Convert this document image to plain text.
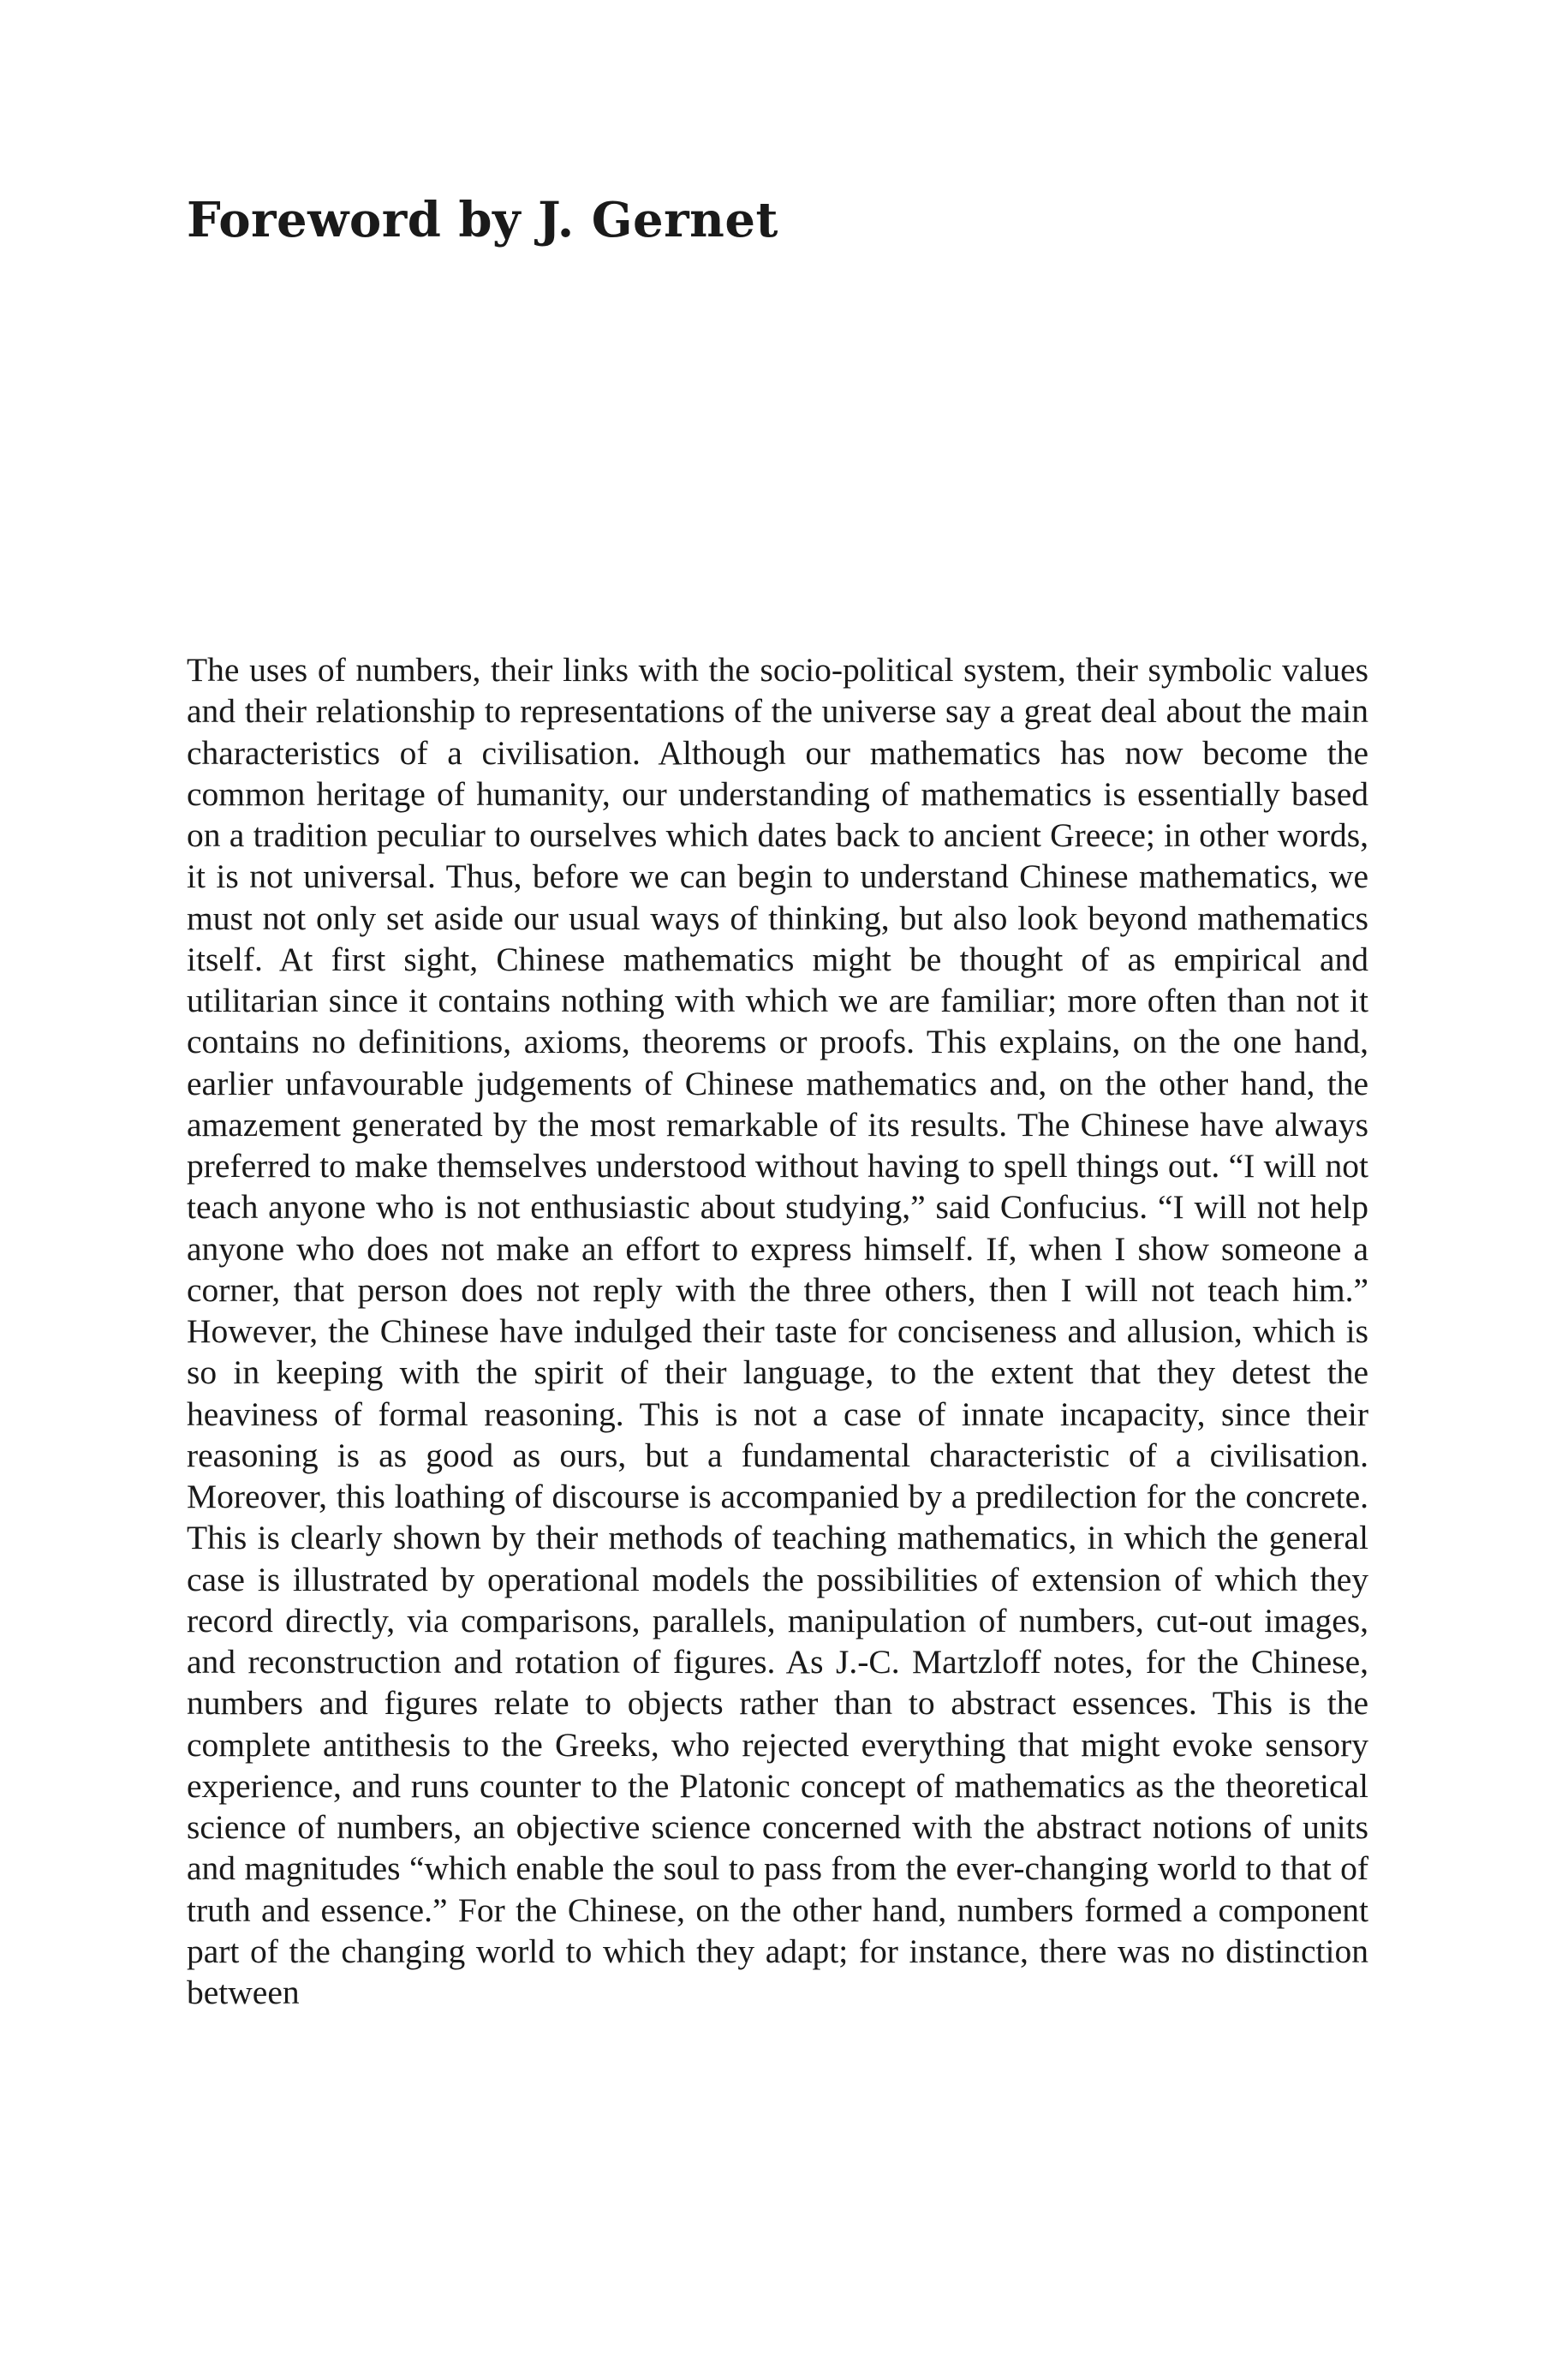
Foreword by J. Gernet

The uses of numbers, their links with the socio-political system, their symbolic values and their relationship to representations of the universe say a great deal about the main characteristics of a civilisation. Although our mathematics has now become the common heritage of humanity, our understanding of mathematics is essentially based on a tradition peculiar to ourselves which dates back to ancient Greece; in other words, it is not universal. Thus, before we can begin to understand Chinese mathematics, we must not only set aside our usual ways of thinking, but also look beyond mathematics itself. At first sight, Chinese mathematics might be thought of as empirical and utilitarian since it contains nothing with which we are familiar; more often than not it contains no definitions, axioms, theorems or proofs. This explains, on the one hand, earlier unfavourable judgements of Chinese mathematics and, on the other hand, the amazement generated by the most remarkable of its results. The Chinese have always preferred to make themselves understood without having to spell things out. “I will not teach anyone who is not enthusiastic about studying,” said Confucius. “I will not help anyone who does not make an effort to express himself. If, when I show someone a corner, that person does not reply with the three others, then I will not teach him.” However, the Chinese have indulged their taste for conciseness and allusion, which is so in keeping with the spirit of their language, to the extent that they detest the heaviness of formal reasoning. This is not a case of innate incapacity, since their reasoning is as good as ours, but a fundamental characteristic of a civilisation. Moreover, this loathing of discourse is accompanied by a predilection for the concrete. This is clearly shown by their methods of teaching mathematics, in which the general case is illustrated by operational models the possibilities of extension of which they record directly, via comparisons, parallels, manipulation of numbers, cut-out images, and reconstruction and rotation of figures. As J.-C. Martzloff notes, for the Chinese, numbers and figures relate to objects rather than to abstract essences. This is the complete antithesis to the Greeks, who rejected everything that might evoke sensory experience, and runs counter to the Platonic concept of mathematics as the theoretical science of numbers, an objective science concerned with the abstract notions of units and magnitudes “which enable the soul to pass from the ever-changing world to that of truth and essence.” For the Chinese, on the other hand, numbers formed a component part of the changing world to which they adapt; for instance, there was no distinction between
